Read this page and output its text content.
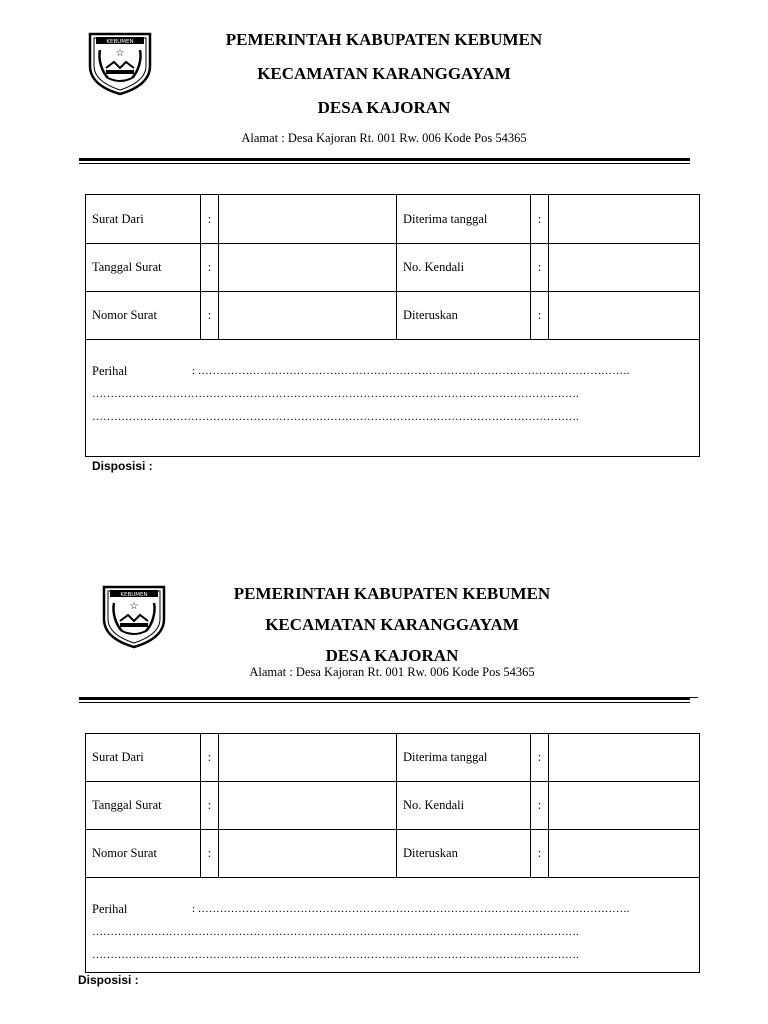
KEBUMEN
☆
PEMERINTAH KABUPATEN KEBUMEN
KECAMATAN KARANGGAYAM
DESA KAJORAN
Alamat : Desa Kajoran Rt. 001 Rw. 006 Kode Pos 54365
Surat Dari	:		Diterima tanggal	:	
Tanggal Surat	:		No. Kendali	:	
Nomor Surat	:		Diteruskan	:	

Perihal : ……………………………………………………………………………………………………….
…………………………………………………………………………………………………………………….
…………………………………………………………………………………………………………………….					
Disposisi :
KEBUMEN
☆
PEMERINTAH KABUPATEN KEBUMEN
KECAMATAN KARANGGAYAM
DESA KAJORAN
Alamat : Desa Kajoran Rt. 001 Rw. 006 Kode Pos 54365
Surat Dari	:		Diterima tanggal	:	
Tanggal Surat	:		No. Kendali	:	
Nomor Surat	:		Diteruskan	:	

Perihal : ……………………………………………………………………………………………………….
…………………………………………………………………………………………………………………….
…………………………………………………………………………………………………………………….					
Disposisi :
